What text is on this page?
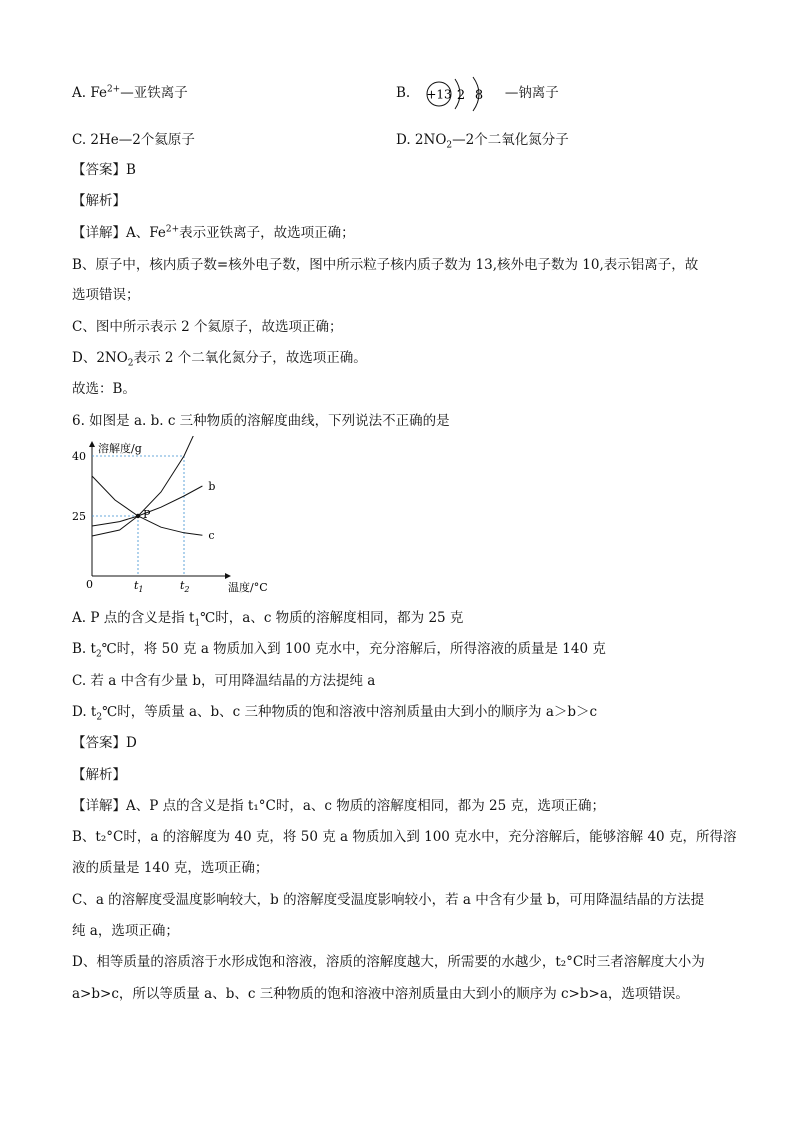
A. $Fe^{2+}—$亚铁离子	B. +13 2 8 —钠离子
C. 2He—2个氦原子	D. $2NO_2—2$个二氧化氮分子
【答案】B
【解析】
【详解】A、$Fe^{2+}$表示亚铁离子，故选项正确；
B、原子中，核内质子数=核外电子数，图中所示粒子核内质子数为 13,核外电子数为 10,表示铝离子，故
选项错误；
C、图中所示表示 2 个氦原子，故选项正确；
D、$2NO_2$表示 2 个二氧化氮分子，故选项正确。
故选：B。
6. 如图是 a. b. c 三种物质的溶解度曲线，下列说法不正确的是
b
c
P
溶解度/g
温度/°C
0
25
40
$t_1$	$t_2$
A. P 点的含义是指 $t_1℃$时，a、c 物质的溶解度相同，都为 25 克
B. $t_2℃$时，将 50 克 a 物质加入到 100 克水中，充分溶解后，所得溶液的质量是 140 克
C. 若 a 中含有少量 b，可用降温结晶的方法提纯 a
D. $t_2℃$时，等质量 a、b、c 三种物质的饱和溶液中溶剂质量由大到小的顺序为 a＞b＞c
【答案】D
【解析】
【详解】A、P 点的含义是指 t₁°C时，a、c 物质的溶解度相同，都为 25 克，选项正确；
B、t₂°C时，a 的溶解度为 40 克，将 50 克 a 物质加入到 100 克水中，充分溶解后，能够溶解 40 克，所得溶
液的质量是 140 克，选项正确；
C、a 的溶解度受温度影响较大，b 的溶解度受温度影响较小，若 a 中含有少量 b，可用降温结晶的方法提
纯 a，选项正确；
D、相等质量的溶质溶于水形成饱和溶液，溶质的溶解度越大，所需要的水越少，t₂°C时三者溶解度大小为
a>b>c，所以等质量 a、b、c 三种物质的饱和溶液中溶剂质量由大到小的顺序为 c>b>a，选项错误。
